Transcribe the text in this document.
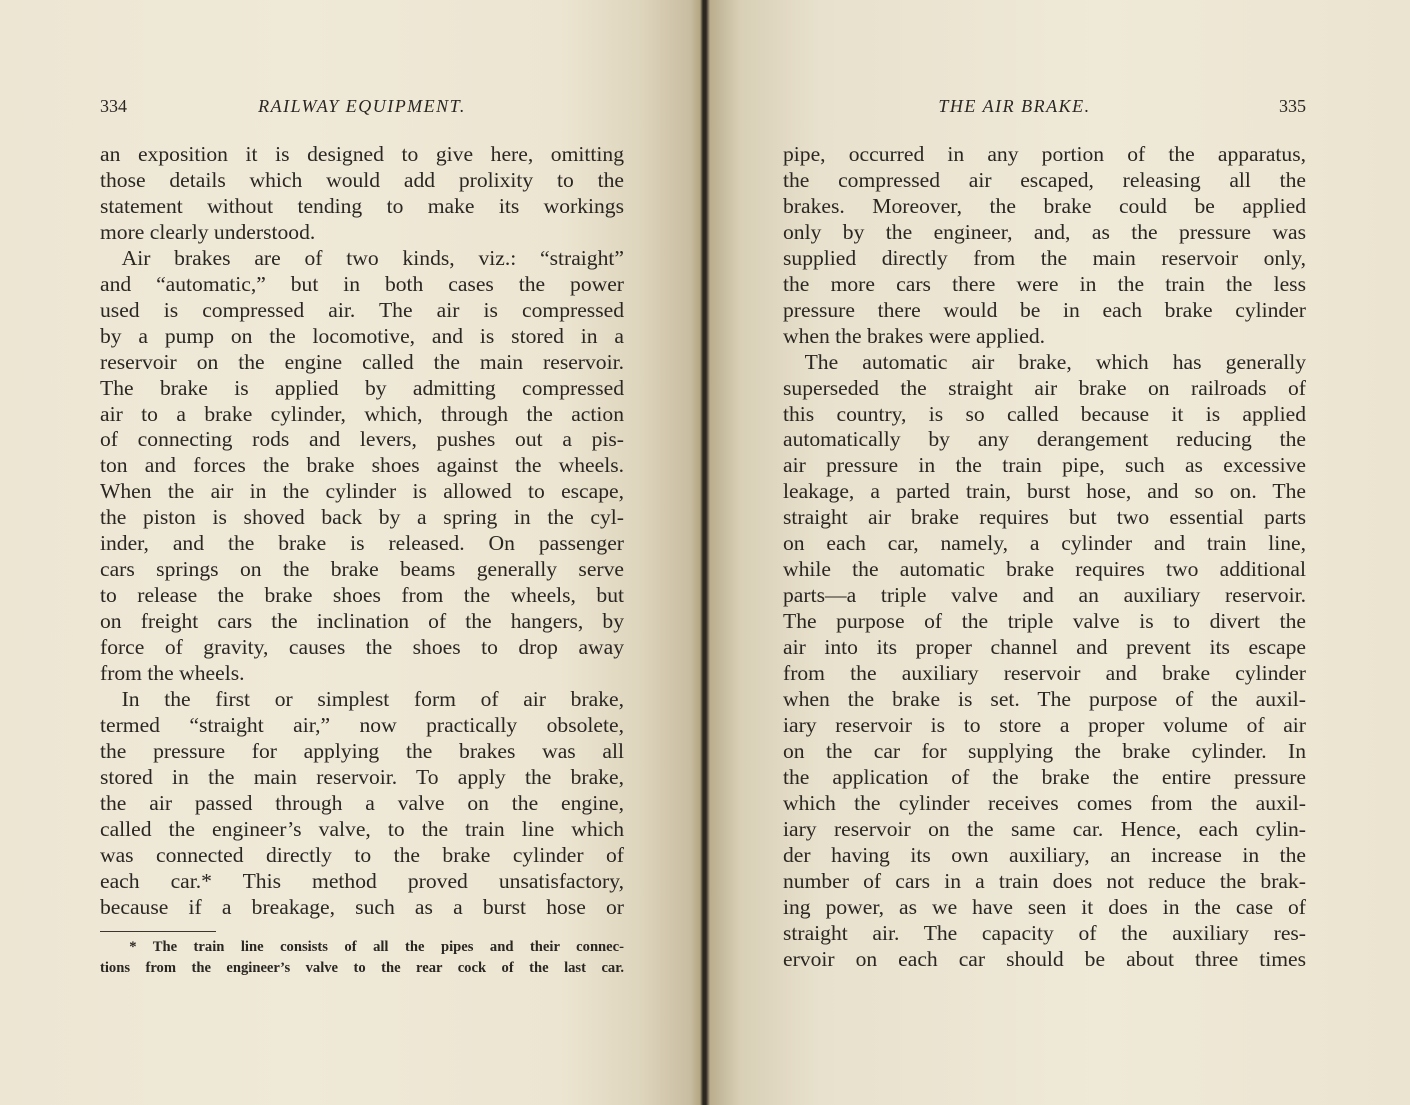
334	RAILWAY EQUIPMENT.
an exposition it is designed to give here, omitting
those details which would add prolixity to the
statement without tending to make its workings
more clearly understood.
 Air brakes are of two kinds, viz.: “straight”
and “automatic,” but in both cases the power
used is compressed air. The air is compressed
by a pump on the locomotive, and is stored in a
reservoir on the engine called the main reservoir.
The brake is applied by admitting compressed
air to a brake cylinder, which, through the action
of connecting rods and levers, pushes out a pis-
ton and forces the brake shoes against the wheels.
When the air in the cylinder is allowed to escape,
the piston is shoved back by a spring in the cyl-
inder, and the brake is released. On passenger
cars springs on the brake beams generally serve
to release the brake shoes from the wheels, but
on freight cars the inclination of the hangers, by
force of gravity, causes the shoes to drop away
from the wheels.
 In the first or simplest form of air brake,
termed “straight air,” now practically obsolete,
the pressure for applying the brakes was all
stored in the main reservoir. To apply the brake,
the air passed through a valve on the engine,
called the engineer’s valve, to the train line which
was connected directly to the brake cylinder of
each car.* This method proved unsatisfactory,
because if a breakage, such as a burst hose or
  * The train line consists of all the pipes and their connec-
tions from the engineer’s valve to the rear cock of the last car.
THE AIR BRAKE.	335
pipe, occurred in any portion of the apparatus,
the compressed air escaped, releasing all the
brakes. Moreover, the brake could be applied
only by the engineer, and, as the pressure was
supplied directly from the main reservoir only,
the more cars there were in the train the less
pressure there would be in each brake cylinder
when the brakes were applied.
 The automatic air brake, which has generally
superseded the straight air brake on railroads of
this country, is so called because it is applied
automatically by any derangement reducing the
air pressure in the train pipe, such as excessive
leakage, a parted train, burst hose, and so on. The
straight air brake requires but two essential parts
on each car, namely, a cylinder and train line,
while the automatic brake requires two additional
parts—a triple valve and an auxiliary reservoir.
The purpose of the triple valve is to divert the
air into its proper channel and prevent its escape
from the auxiliary reservoir and brake cylinder
when the brake is set. The purpose of the auxil-
iary reservoir is to store a proper volume of air
on the car for supplying the brake cylinder. In
the application of the brake the entire pressure
which the cylinder receives comes from the auxil-
iary reservoir on the same car. Hence, each cylin-
der having its own auxiliary, an increase in the
number of cars in a train does not reduce the brak-
ing power, as we have seen it does in the case of
straight air. The capacity of the auxiliary res-
ervoir on each car should be about three times
